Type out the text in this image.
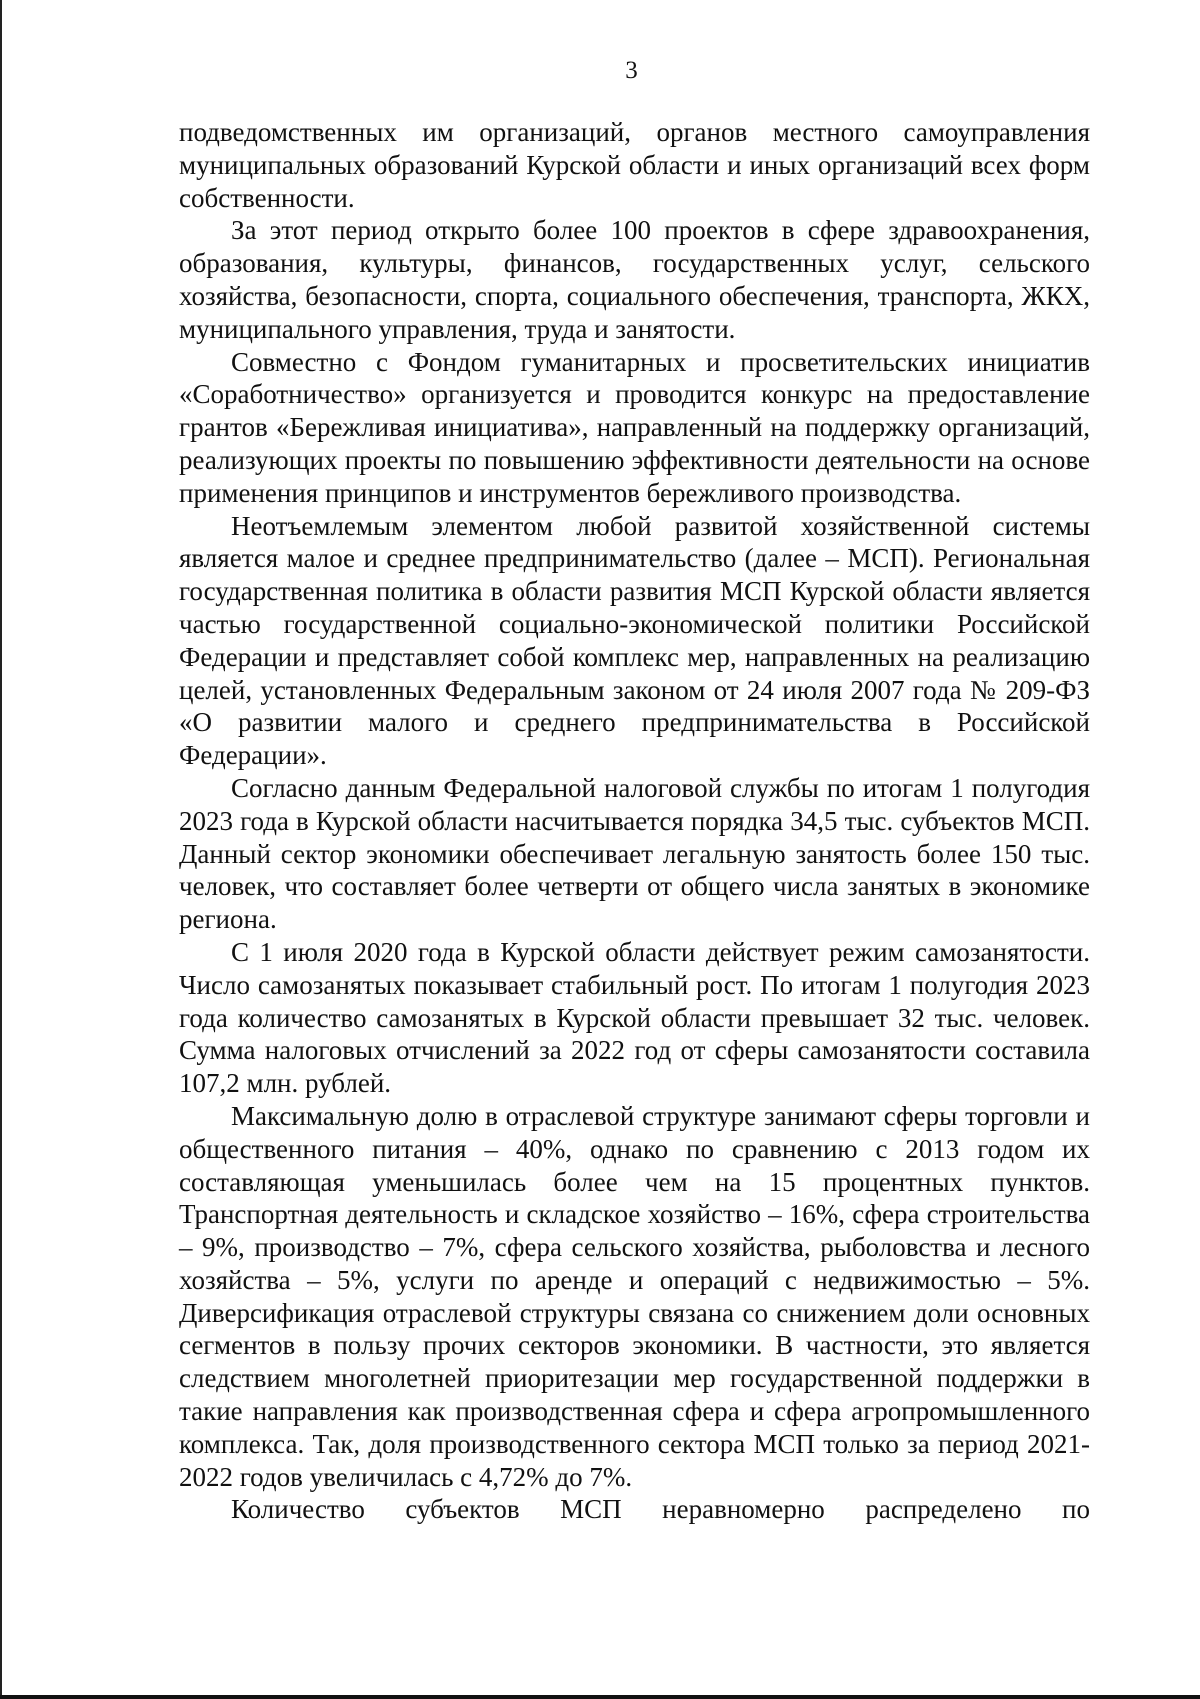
3

подведомственных им организаций, органов местного самоуправления муниципальных образований Курской области и иных организаций всех форм собственности.

За этот период открыто более 100 проектов в сфере здравоохранения, образования, культуры, финансов, государственных услуг, сельского хозяйства, безопасности, спорта, социального обеспечения, транспорта, ЖКХ, муниципального управления, труда и занятости.

Совместно с Фондом гуманитарных и просветительских инициатив «Соработничество» организуется и проводится конкурс на предоставление грантов «Бережливая инициатива», направленный на поддержку организаций, реализующих проекты по повышению эффективности деятельности на основе применения принципов и инструментов бережливого производства.

Неотъемлемым элементом любой развитой хозяйственной системы является малое и среднее предпринимательство (далее – МСП). Региональная государственная политика в области развития МСП Курской области является частью государственной социально-экономической политики Российской Федерации и представляет собой комплекс мер, направленных на реализацию целей, установленных Федеральным законом от 24 июля 2007 года № 209-ФЗ «О развитии малого и среднего предпринимательства в Российской Федерации».

Согласно данным Федеральной налоговой службы по итогам 1 полугодия 2023 года в Курской области насчитывается порядка 34,5 тыс. субъектов МСП. Данный сектор экономики обеспечивает легальную занятость более 150 тыс. человек, что составляет более четверти от общего числа занятых в экономике региона.

С 1 июля 2020 года в Курской области действует режим самозанятости. Число самозанятых показывает стабильный рост. По итогам 1 полугодия 2023 года количество самозанятых в Курской области превышает 32 тыс. человек. Сумма налоговых отчислений за 2022 год от сферы самозанятости составила 107,2 млн. рублей.

Максимальную долю в отраслевой структуре занимают сферы торговли и общественного питания – 40%, однако по сравнению с 2013 годом их составляющая уменьшилась более чем на 15 процентных пунктов. Транспортная деятельность и складское хозяйство – 16%, сфера строительства – 9%, производство – 7%, сфера сельского хозяйства, рыболовства и лесного хозяйства – 5%, услуги по аренде и операций с недвижимостью – 5%. Диверсификация отраслевой структуры связана со снижением доли основных сегментов в пользу прочих секторов экономики. В частности, это является следствием многолетней приоритезации мер государственной поддержки в такие направления как производственная сфера и сфера агропромышленного комплекса. Так, доля производственного сектора МСП только за период 2021-2022 годов увеличилась с 4,72% до 7%.

Количество субъектов МСП неравномерно распределено по
